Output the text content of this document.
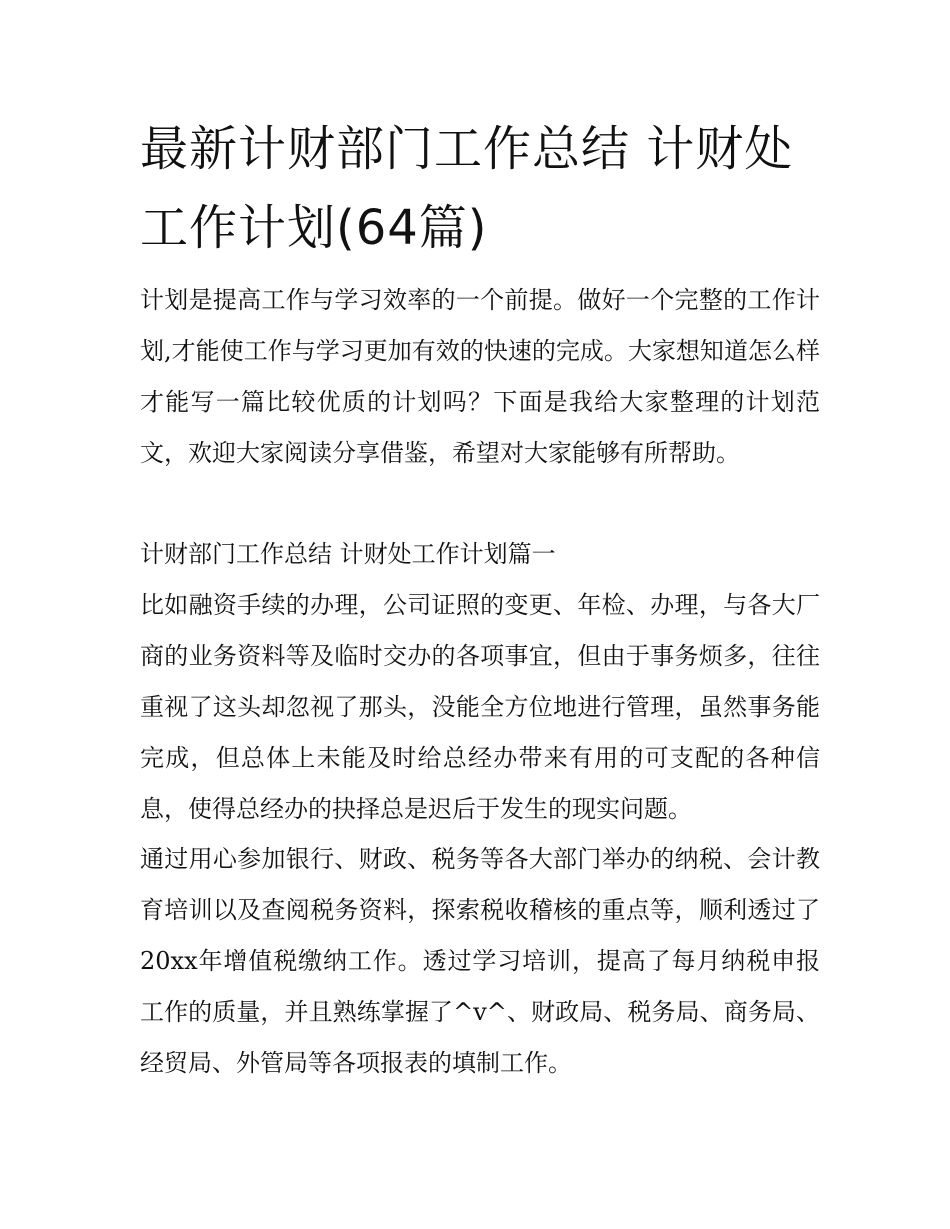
最新计财部门工作总结 计财处工作计划(64篇)

计划是提高工作与学习效率的一个前提。做好一个完整的工作计划,才能使工作与学习更加有效的快速的完成。大家想知道怎么样才能写一篇比较优质的计划吗？下面是我给大家整理的计划范文，欢迎大家阅读分享借鉴，希望对大家能够有所帮助。

计财部门工作总结 计财处工作计划篇一

比如融资手续的办理，公司证照的变更、年检、办理，与各大厂商的业务资料等及临时交办的各项事宜，但由于事务烦多，往往重视了这头却忽视了那头，没能全方位地进行管理，虽然事务能完成，但总体上未能及时给总经办带来有用的可支配的各种信息，使得总经办的抉择总是迟后于发生的现实问题。

通过用心参加银行、财政、税务等各大部门举办的纳税、会计教育培训以及查阅税务资料，探索税收稽核的重点等，顺利透过了20xx年增值税缴纳工作。透过学习培训，提高了每月纳税申报工作的质量，并且熟练掌握了^v^、财政局、税务局、商务局、经贸局、外管局等各项报表的填制工作。
